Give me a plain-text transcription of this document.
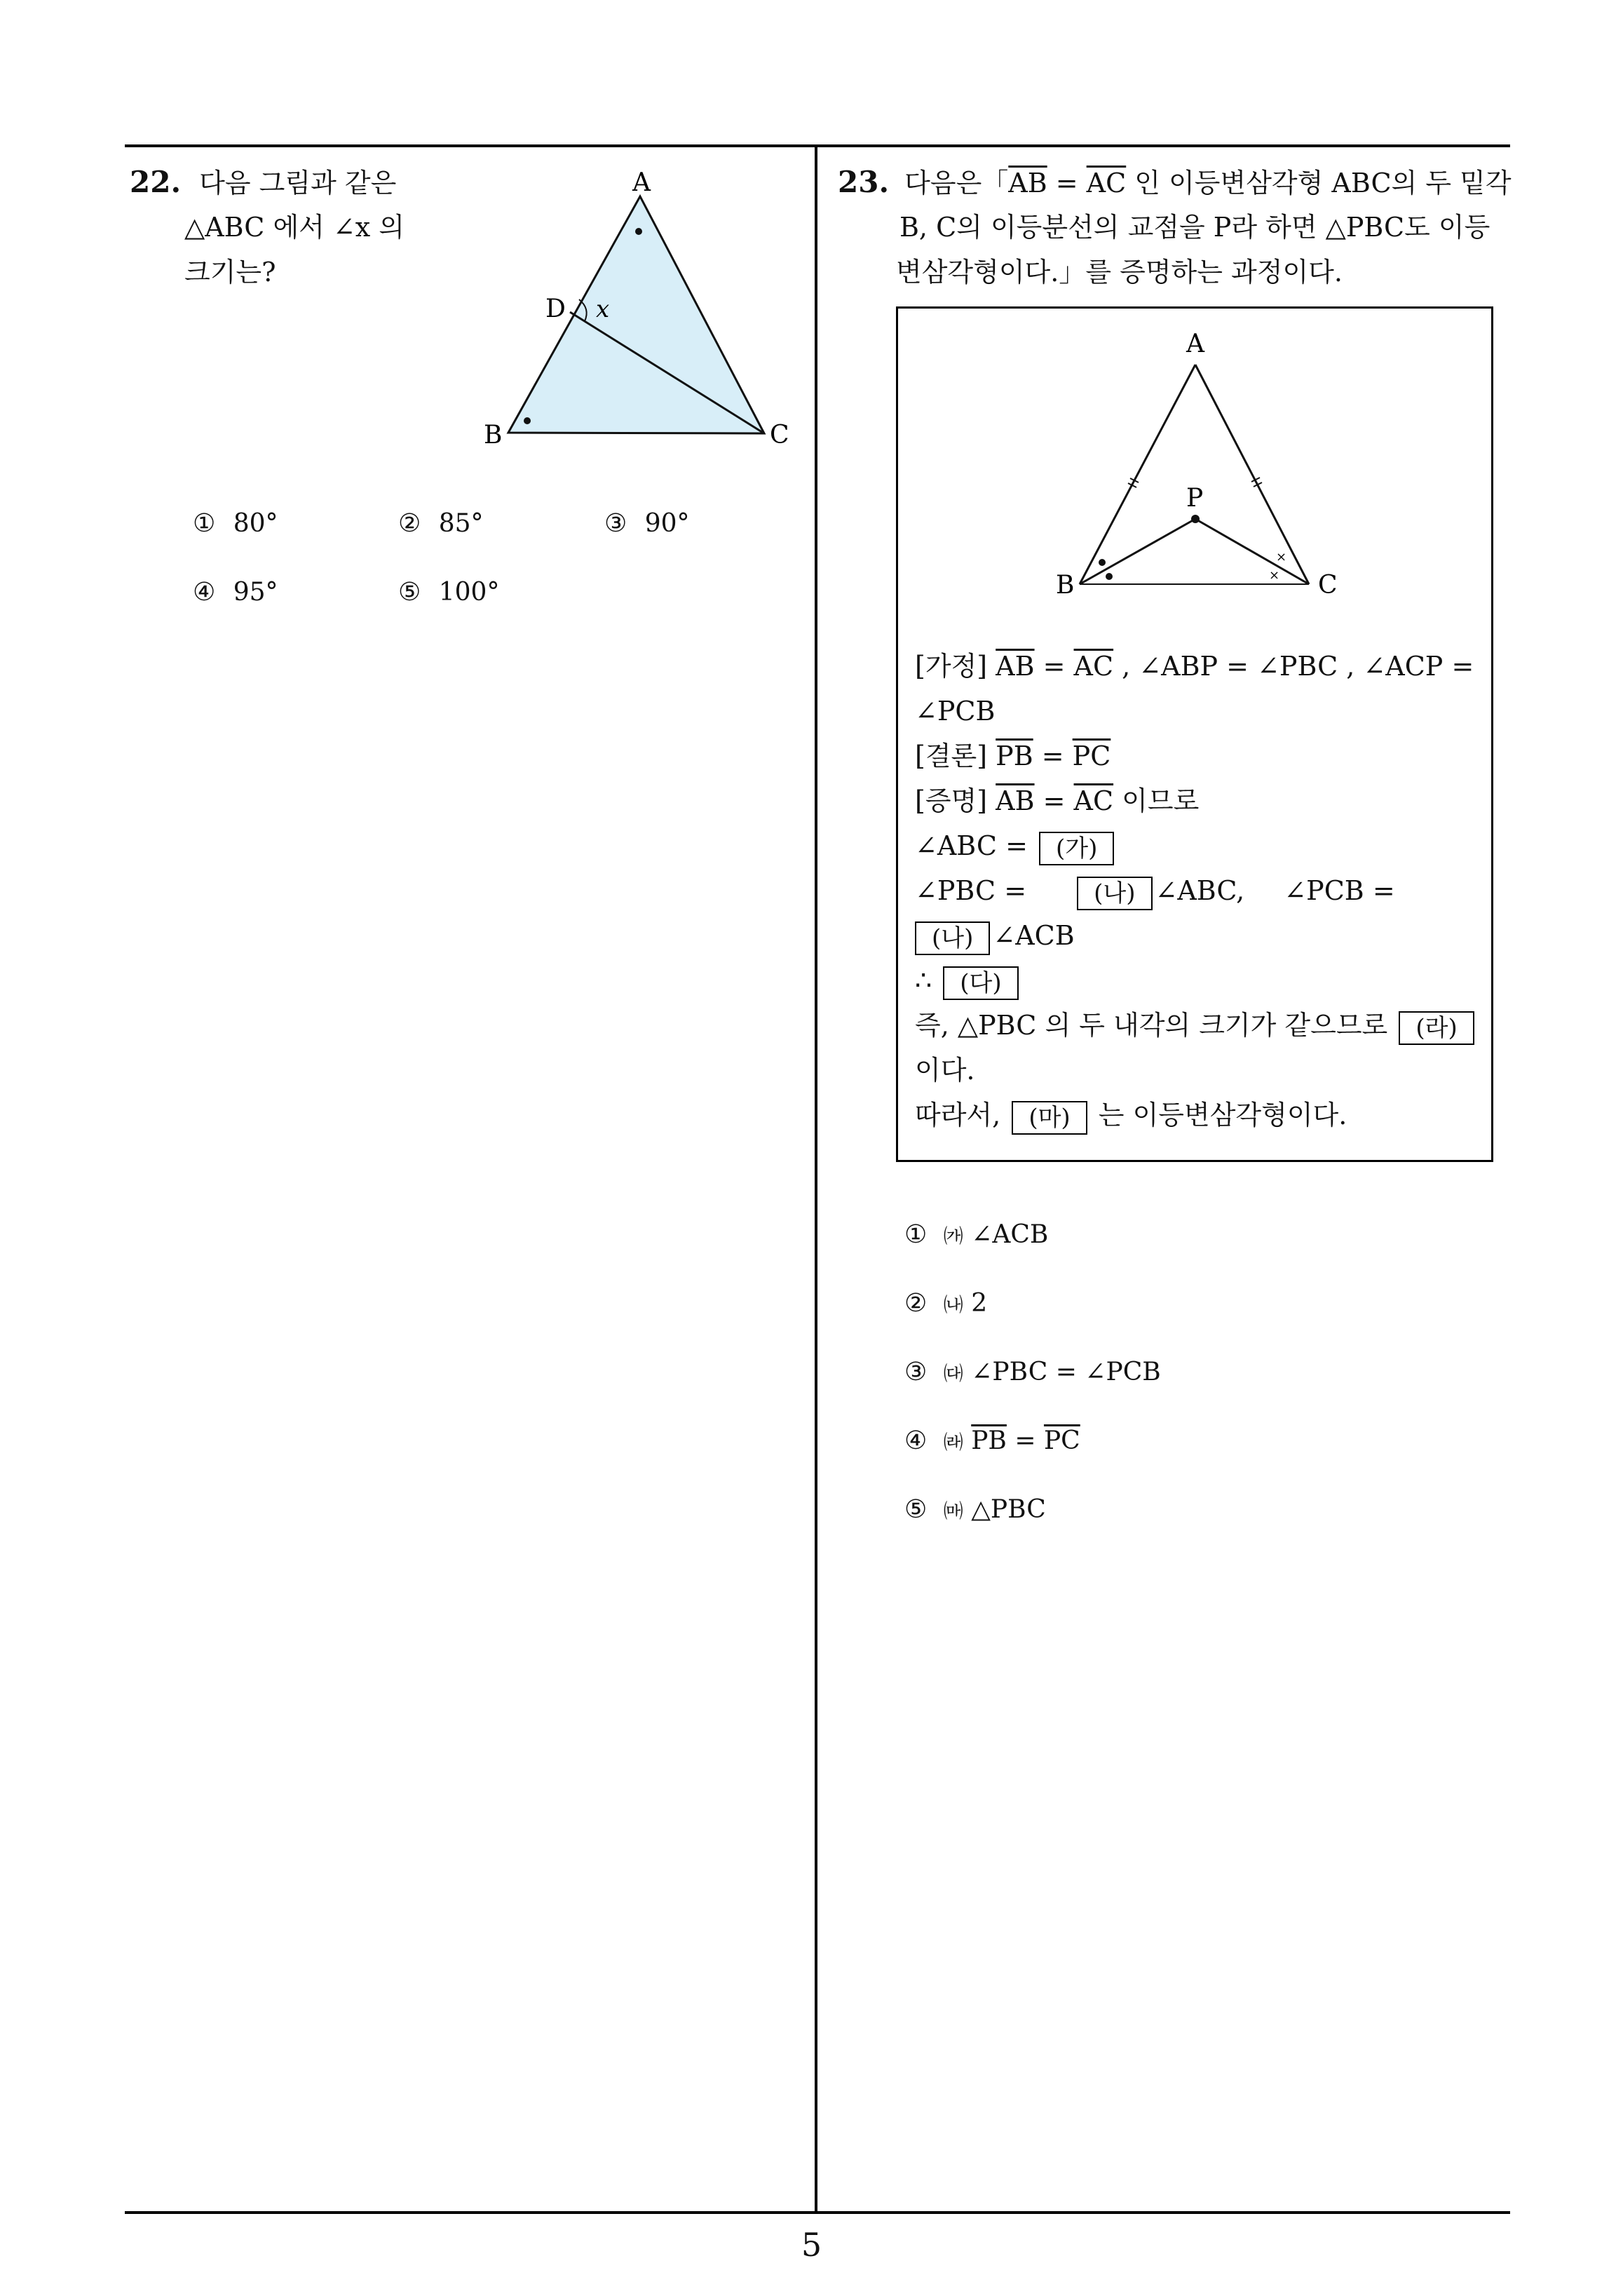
22. 다음 그림과 같은
△ABC 에서 ∠x 의
크기는?
A
B	C
D x
① 80°	② 85°	③ 90°
④ 95°	⑤ 100°
23. 다음은「$\overline{AB} = \overline{AC}$ 인 이등변삼각형 ABC의 두 밑각
B, C의 이등분선의 교점을 P라 하면 △PBC도 이등
변삼각형이다.」를 증명하는 과정이다.
×
×
A
P
B	C
[가정] $\overline{AB} = \overline{AC}$ , ∠ABP = ∠PBC , ∠ACP =
∠PCB
[결론] $\overline{PB} = \overline{PC}$
[증명] $\overline{AB} = \overline{AC}$ 이므로
∠ABC = (가)
∠PBC =	(나) ∠ABC, ∠PCB =
(나) ∠ACB
∴ (다)
즉, △PBC 의 두 내각의 크기가 같으므로 (라)
이다.
따라서, (마) 는 이등변삼각형이다.
① ㈎ ∠ACB
② ㈏ 2
③ ㈐ ∠PBC = ∠PCB
④ ㈑ $\overline{PB} = \overline{PC}$
⑤ ㈒ △PBC
5
